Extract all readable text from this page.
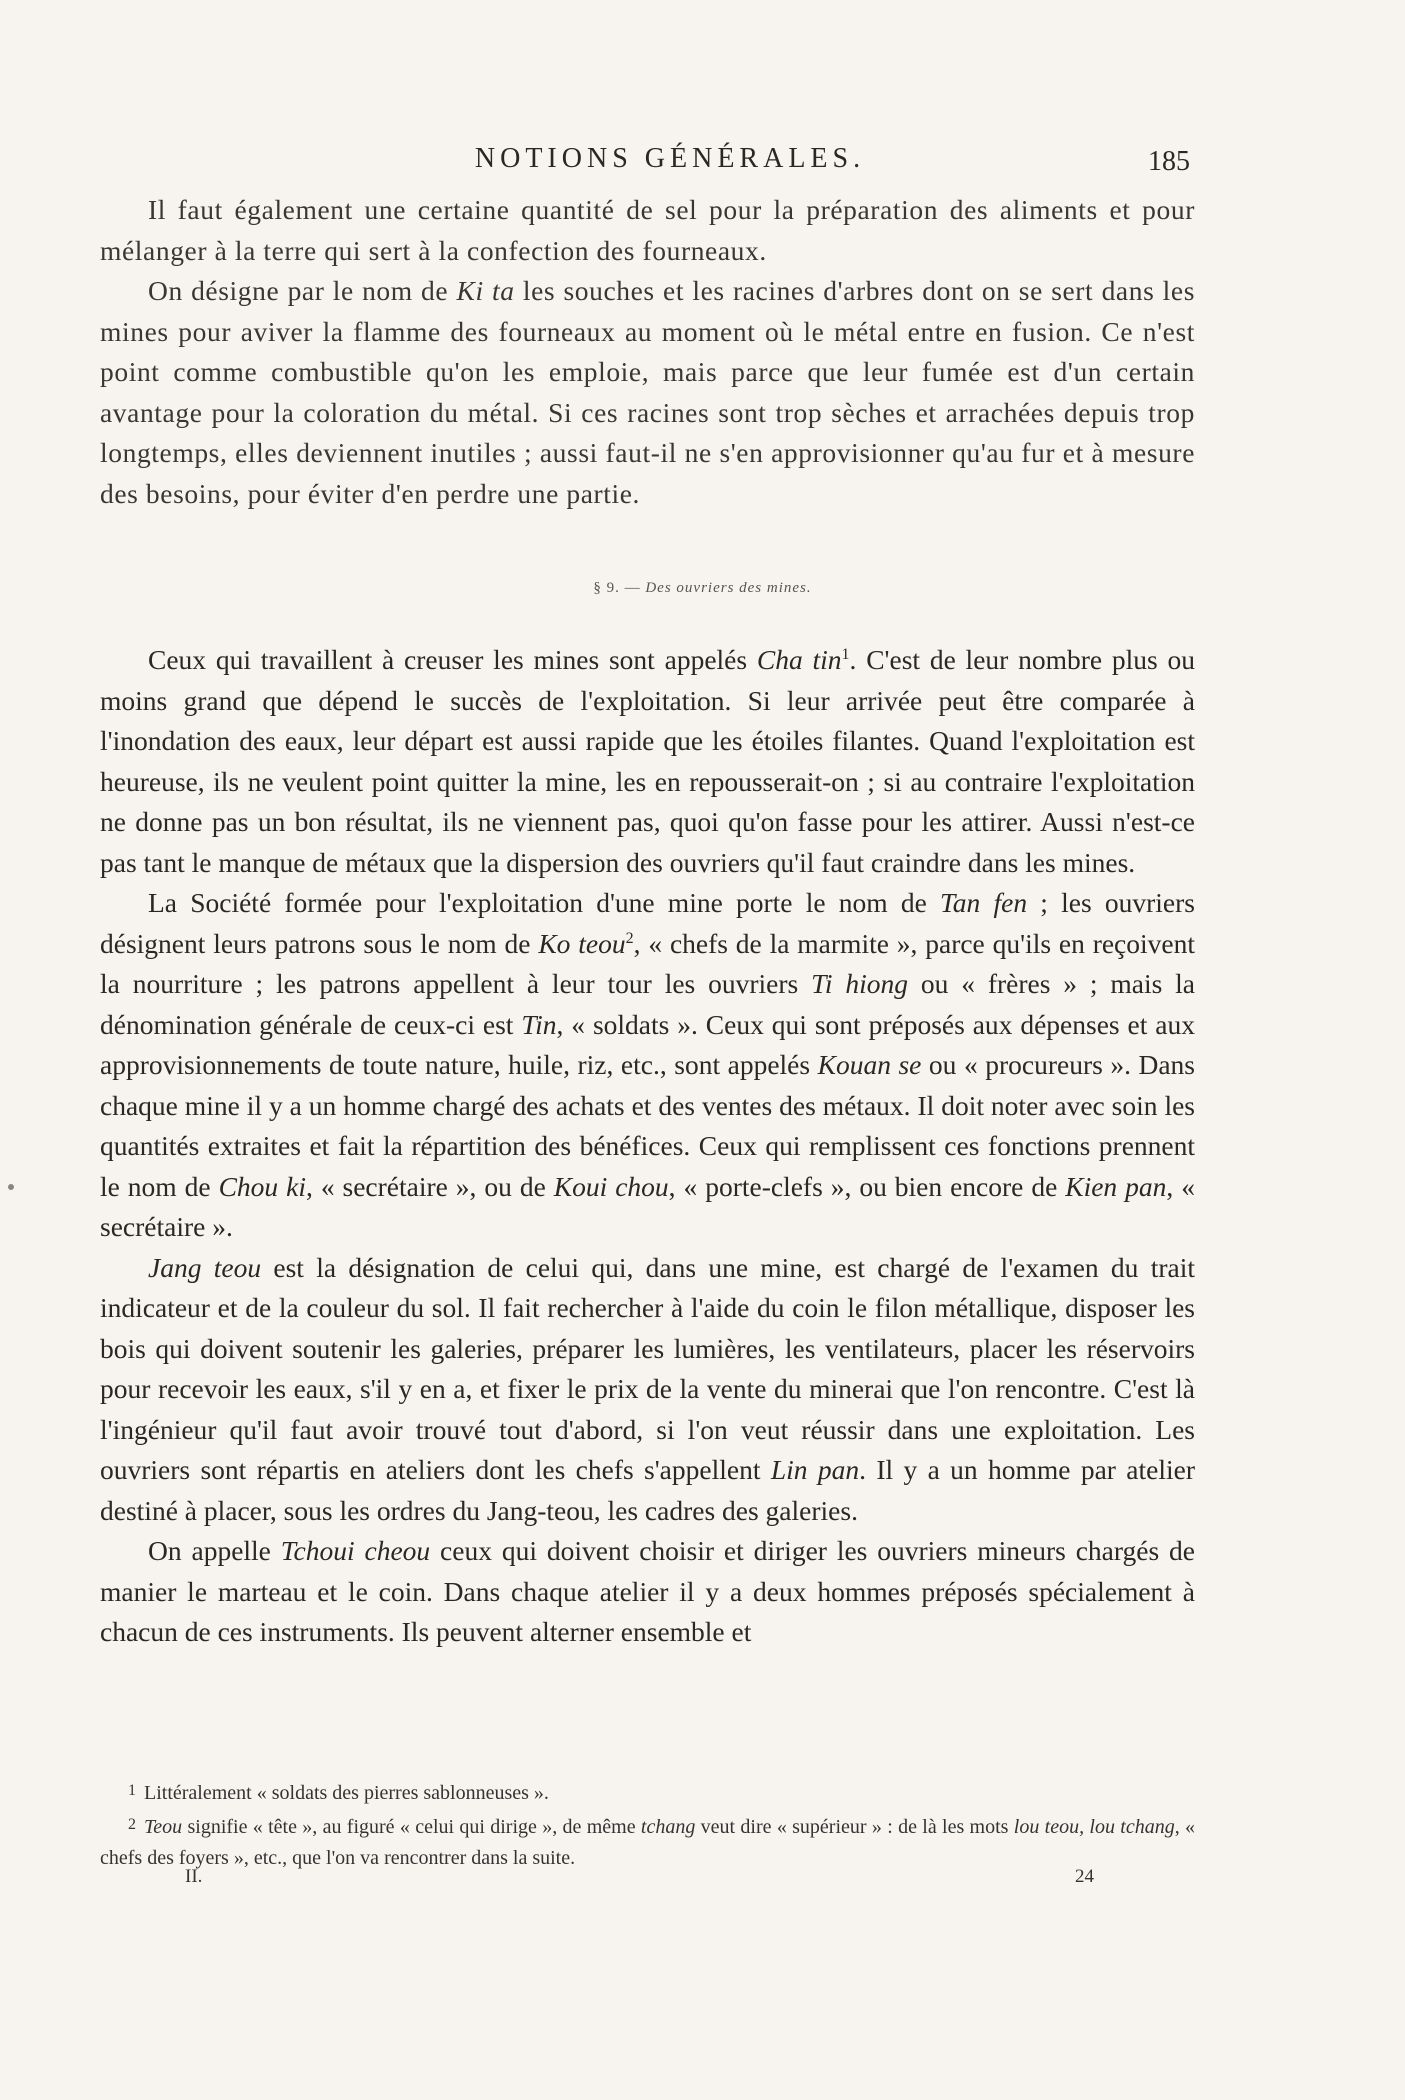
NOTIONS GÉNÉRALES.	185

Il faut également une certaine quantité de sel pour la préparation des aliments et pour mélanger à la terre qui sert à la confection des fourneaux.

On désigne par le nom de Ki ta les souches et les racines d'arbres dont on se sert dans les mines pour aviver la flamme des fourneaux au moment où le métal entre en fusion. Ce n'est point comme combustible qu'on les emploie, mais parce que leur fumée est d'un certain avantage pour la coloration du métal. Si ces racines sont trop sèches et arrachées depuis trop longtemps, elles deviennent inutiles ; aussi faut-il ne s'en approvisionner qu'au fur et à mesure des besoins, pour éviter d'en perdre une partie.

§ 9. — Des ouvriers des mines.

Ceux qui travaillent à creuser les mines sont appelés Cha tin$^1$. C'est de leur nombre plus ou moins grand que dépend le succès de l'exploitation. Si leur arrivée peut être comparée à l'inondation des eaux, leur départ est aussi rapide que les étoiles filantes. Quand l'exploitation est heureuse, ils ne veulent point quitter la mine, les en repousserait-on ; si au contraire l'exploitation ne donne pas un bon résultat, ils ne viennent pas, quoi qu'on fasse pour les attirer. Aussi n'est-ce pas tant le manque de métaux que la dispersion des ouvriers qu'il faut craindre dans les mines.

La Société formée pour l'exploitation d'une mine porte le nom de Tan fen ; les ouvriers désignent leurs patrons sous le nom de Ko teou$^2$, « chefs de la marmite », parce qu'ils en reçoivent la nourriture ; les patrons appellent à leur tour les ouvriers Ti hiong ou « frères » ; mais la dénomination générale de ceux-ci est Tin, « soldats ». Ceux qui sont préposés aux dépenses et aux approvisionnements de toute nature, huile, riz, etc., sont appelés Kouan se ou « procureurs ». Dans chaque mine il y a un homme chargé des achats et des ventes des métaux. Il doit noter avec soin les quantités extraites et fait la répartition des bénéfices. Ceux qui remplissent ces fonctions prennent le nom de Chou ki, « secrétaire », ou de Koui chou, « porte-clefs », ou bien encore de Kien pan, « secrétaire ».

Jang teou est la désignation de celui qui, dans une mine, est chargé de l'examen du trait indicateur et de la couleur du sol. Il fait rechercher à l'aide du coin le filon métallique, disposer les bois qui doivent soutenir les galeries, préparer les lumières, les ventilateurs, placer les réservoirs pour recevoir les eaux, s'il y en a, et fixer le prix de la vente du minerai que l'on rencontre. C'est là l'ingénieur qu'il faut avoir trouvé tout d'abord, si l'on veut réussir dans une exploitation. Les ouvriers sont répartis en ateliers dont les chefs s'appellent Lin pan. Il y a un homme par atelier destiné à placer, sous les ordres du Jang-teou, les cadres des galeries.

On appelle Tchoui cheou ceux qui doivent choisir et diriger les ouvriers mineurs chargés de manier le marteau et le coin. Dans chaque atelier il y a deux hommes préposés spécialement à chacun de ces instruments. Ils peuvent alterner ensemble et

$^1$ Littéralement « soldats des pierres sablonneuses ».

$^2$ Teou signifie « tête », au figuré « celui qui dirige », de même tchang veut dire « supérieur » : de là les mots lou teou, lou tchang, « chefs des foyers », etc., que l'on va rencontrer dans la suite.

II.	24
